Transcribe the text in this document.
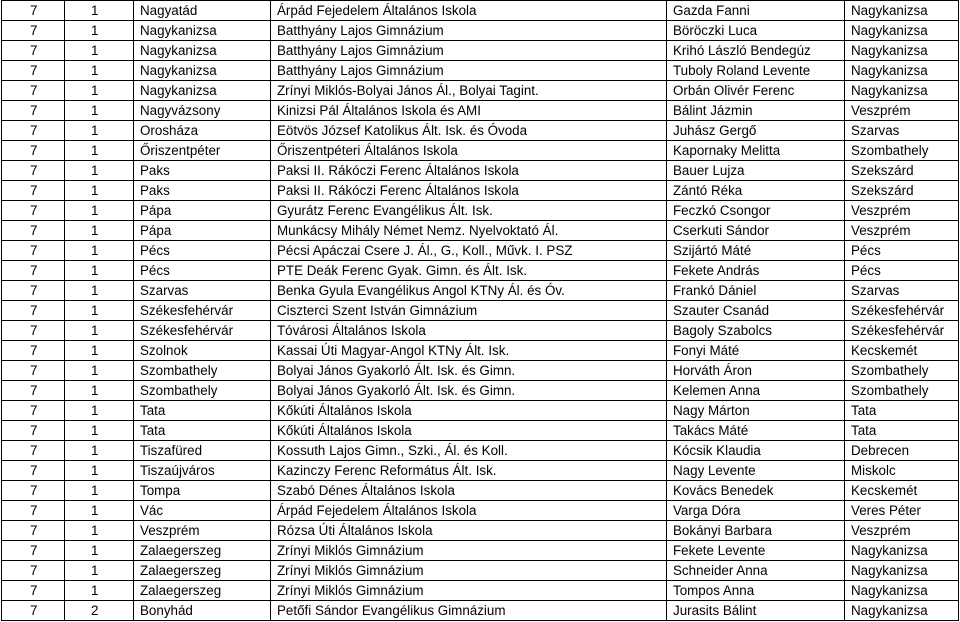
7	1	Nagyatád	Árpád Fejedelem Általános Iskola	Gazda Fanni	Nagykanizsa
7	1	Nagykanizsa	Batthyány Lajos Gimnázium	Böröczki Luca	Nagykanizsa
7	1	Nagykanizsa	Batthyány Lajos Gimnázium	Krihó László Bendegúz	Nagykanizsa
7	1	Nagykanizsa	Batthyány Lajos Gimnázium	Tuboly Roland Levente	Nagykanizsa
7	1	Nagykanizsa	Zrínyi Miklós-Bolyai János Ál., Bolyai Tagint.	Orbán Olivér Ferenc	Nagykanizsa
7	1	Nagyvázsony	Kinizsi Pál Általános Iskola és AMI	Bálint Jázmin	Veszprém
7	1	Orosháza	Eötvös József Katolikus Ált. Isk. és Óvoda	Juhász Gergő	Szarvas
7	1	Őriszentpéter	Őriszentpéteri Általános Iskola	Kapornaky Melitta	Szombathely
7	1	Paks	Paksi II. Rákóczi Ferenc Általános Iskola	Bauer Lujza	Szekszárd
7	1	Paks	Paksi II. Rákóczi Ferenc Általános Iskola	Zántó Réka	Szekszárd
7	1	Pápa	Gyurátz Ferenc Evangélikus Ált. Isk.	Feczkó Csongor	Veszprém
7	1	Pápa	Munkácsy Mihály Német Nemz. Nyelvoktató Ál.	Cserkuti Sándor	Veszprém
7	1	Pécs	Pécsi Apáczai Csere J. Ál., G., Koll., Művk. I. PSZ	Szijártó Máté	Pécs
7	1	Pécs	PTE Deák Ferenc Gyak. Gimn. és Ált. Isk.	Fekete András	Pécs
7	1	Szarvas	Benka Gyula Evangélikus Angol KTNy Ál. és Óv.	Frankó Dániel	Szarvas
7	1	Székesfehérvár	Ciszterci Szent István Gimnázium	Szauter Csanád	Székesfehérvár
7	1	Székesfehérvár	Tóvárosi Általános Iskola	Bagoly Szabolcs	Székesfehérvár
7	1	Szolnok	Kassai Úti Magyar-Angol KTNy Ált. Isk.	Fonyi Máté	Kecskemét
7	1	Szombathely	Bolyai János Gyakorló Ált. Isk. és Gimn.	Horváth Áron	Szombathely
7	1	Szombathely	Bolyai János Gyakorló Ált. Isk. és Gimn.	Kelemen Anna	Szombathely
7	1	Tata	Kőkúti Általános Iskola	Nagy Márton	Tata
7	1	Tata	Kőkúti Általános Iskola	Takács Máté	Tata
7	1	Tiszafüred	Kossuth Lajos Gimn., Szki., Ál. és Koll.	Kócsik Klaudia	Debrecen
7	1	Tiszaújváros	Kazinczy Ferenc Református Ált. Isk.	Nagy Levente	Miskolc
7	1	Tompa	Szabó Dénes Általános Iskola	Kovács Benedek	Kecskemét
7	1	Vác	Árpád Fejedelem Általános Iskola	Varga Dóra	Veres Péter
7	1	Veszprém	Rózsa Úti Általános Iskola	Bokányi Barbara	Veszprém
7	1	Zalaegerszeg	Zrínyi Miklós Gimnázium	Fekete Levente	Nagykanizsa
7	1	Zalaegerszeg	Zrínyi Miklós Gimnázium	Schneider Anna	Nagykanizsa
7	1	Zalaegerszeg	Zrínyi Miklós Gimnázium	Tompos Anna	Nagykanizsa
7	2	Bonyhád	Petőfi Sándor Evangélikus Gimnázium	Jurasits Bálint	Nagykanizsa
